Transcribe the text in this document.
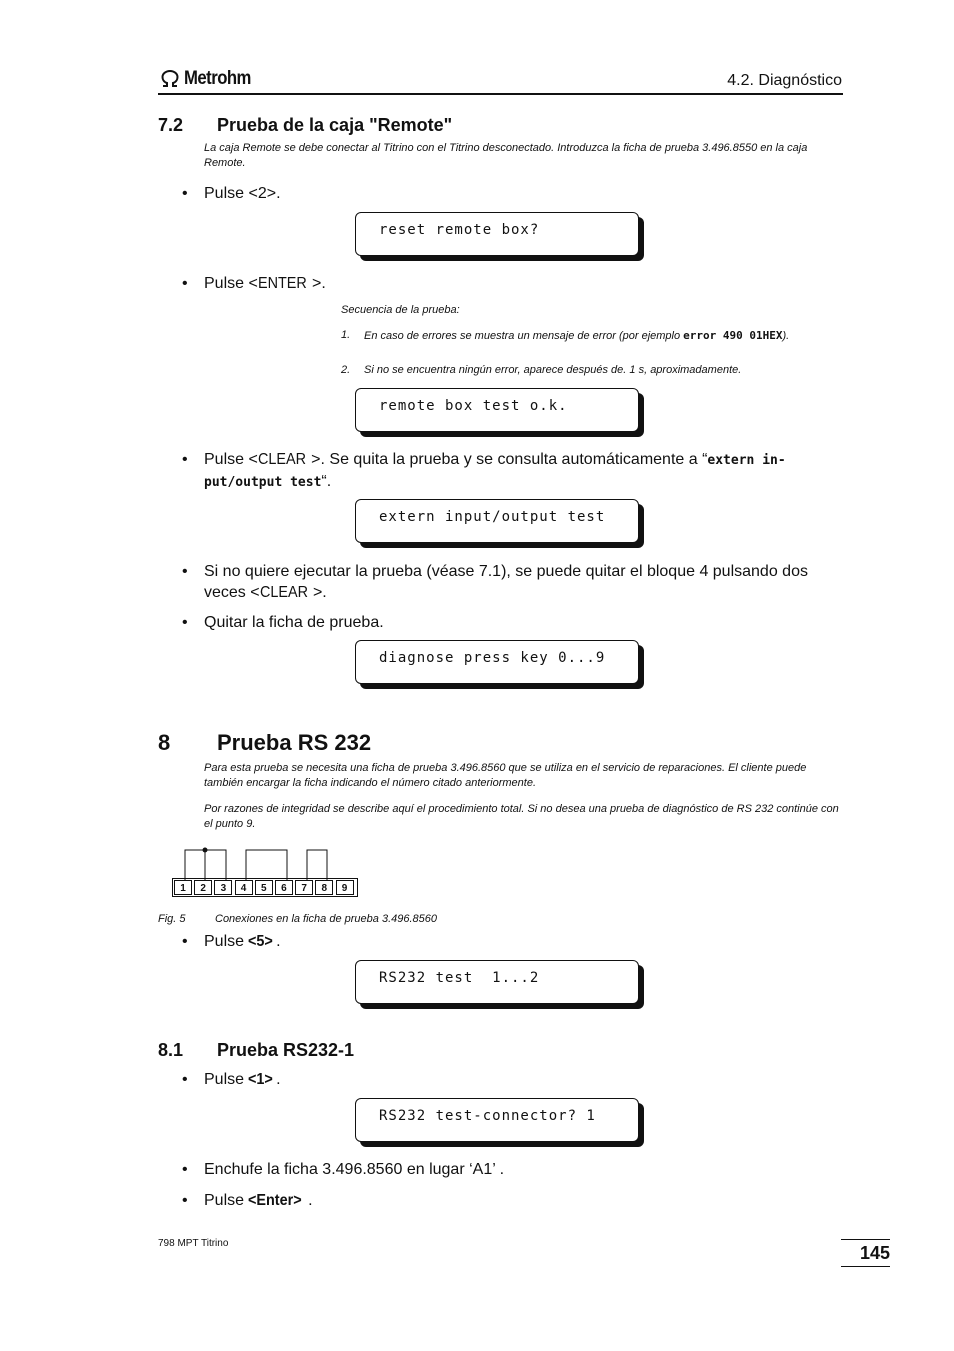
Metrohm	4.2. Diagnóstico
7.2 Prueba de la caja "Remote"
La caja Remote se debe conectar al Titrino con el Titrino desconectado. Introduzca la ficha de prueba 3.496.8550 en la caja Remote.
• Pulse <2>.
reset remote box?
• Pulse <ENTER >.
Secuencia de la prueba:
1. En caso de errores se muestra un mensaje de error (por ejemplo error 490 01HEX).
2. Si no se encuentra ningún error, aparece después de. 1 s, aproximadamente.
remote box test o.k.
• Pulse <CLEAR >. Se quita la prueba y se consulta automáticamente a “extern in-
put/output test“.
extern input/output test
• Si no quiere ejecutar la prueba (véase 7.1), se puede quitar el bloque 4 pulsando dos veces <CLEAR >.
• Quitar la ficha de prueba.
diagnose press key 0...9
8 Prueba RS 232
Para esta prueba se necesita una ficha de prueba 3.496.8560 que se utiliza en el servicio de reparaciones. El cliente puede también encargar la ficha indicando el número citado anteriormente.
Por razones de integridad se describe aquí el procedimiento total. Si no desea una prueba de diagnóstico de RS 232 continúe con el punto 9.
1	2	3	4	5	6	7	8	9
Fig. 5	Conexiones en la ficha de prueba 3.496.8560
• Pulse <5> .
RS232 test  1...2
8.1 Prueba RS232-1
• Pulse <1> .
RS232 test-connector? 1
• Enchufe la ficha 3.496.8560 en lugar ‘A1’ .
• Pulse <Enter> .
798 MPT Titrino	145
